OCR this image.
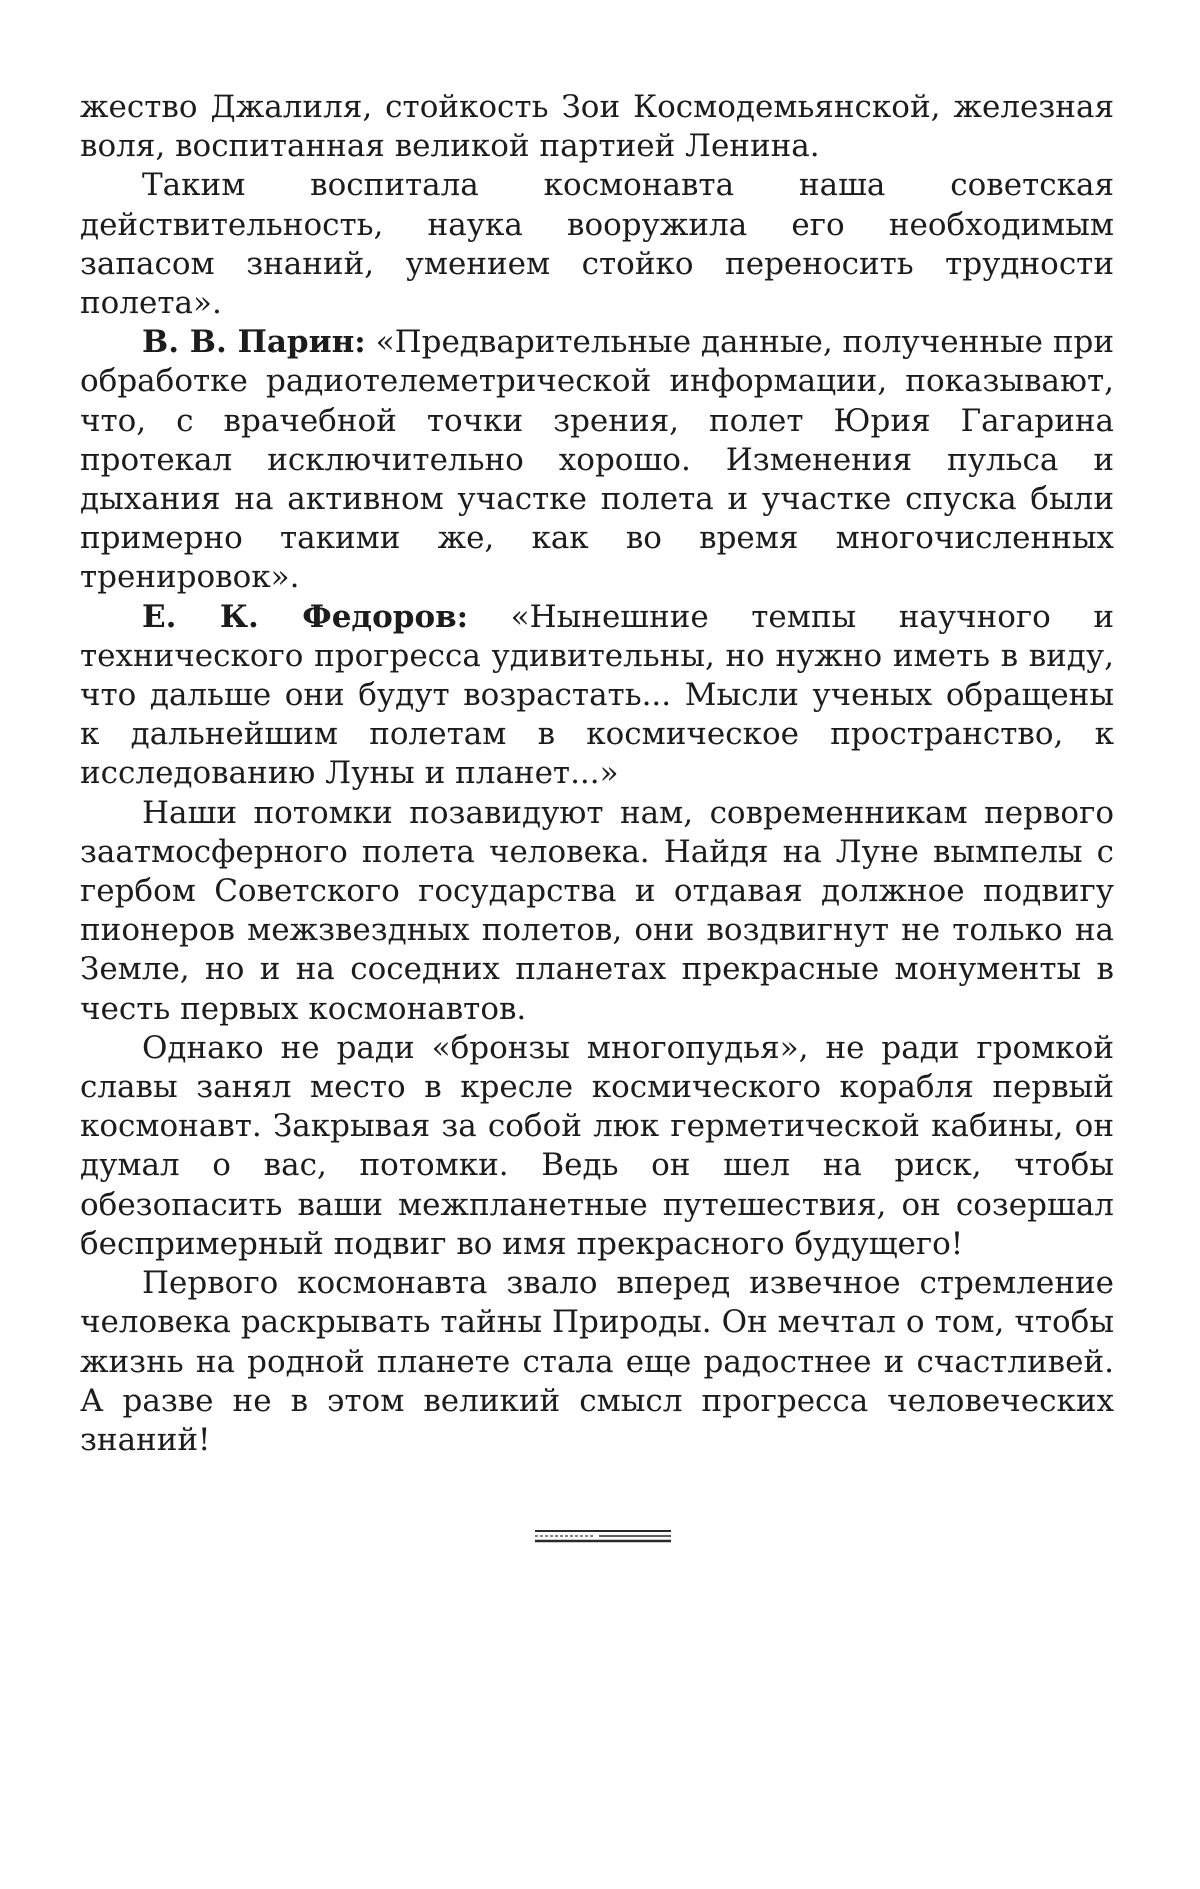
жество Джалиля, стойкость Зои Космодемьянской, железная воля, воспитанная великой партией Ленина.

Таким воспитала космонавта наша советская действительность, наука вооружила его необходимым запасом знаний, умением стойко переносить трудности полета».

В. В. Парин: «Предварительные данные, полученные при обработке радиотелеметрической информации, показывают, что, с врачебной точки зрения, полет Юрия Гагарина протекал исключительно хорошо. Изменения пульса и дыхания на активном участке полета и участке спуска были примерно такими же, как во время многочисленных тренировок».

Е. К. Федоров: «Нынешние темпы научного и технического прогресса удивительны, но нужно иметь в виду, что дальше они будут возрастать... Мысли ученых обращены к дальнейшим полетам в космическое пространство, к исследованию Луны и планет...»

Наши потомки позавидуют нам, современникам первого заатмосферного полета человека. Найдя на Луне вымпелы с гербом Советского государства и отдавая должное подвигу пионеров межзвездных полетов, они воздвигнут не только на Земле, но и на соседних планетах прекрасные монументы в честь первых космонавтов.

Однако не ради «бронзы многопудья», не ради громкой славы занял место в кресле космического корабля первый космонавт. Закрывая за собой люк герметической кабины, он думал о вас, потомки. Ведь он шел на риск, чтобы обезопасить ваши межпланетные путешествия, он созершал беспримерный подвиг во имя прекрасного будущего!

Первого космонавта звало вперед извечное стремление человека раскрывать тайны Природы. Он мечтал о том, чтобы жизнь на родной планете стала еще радостнее и счастливей. А разве не в этом великий смысл прогресса человеческих знаний!
